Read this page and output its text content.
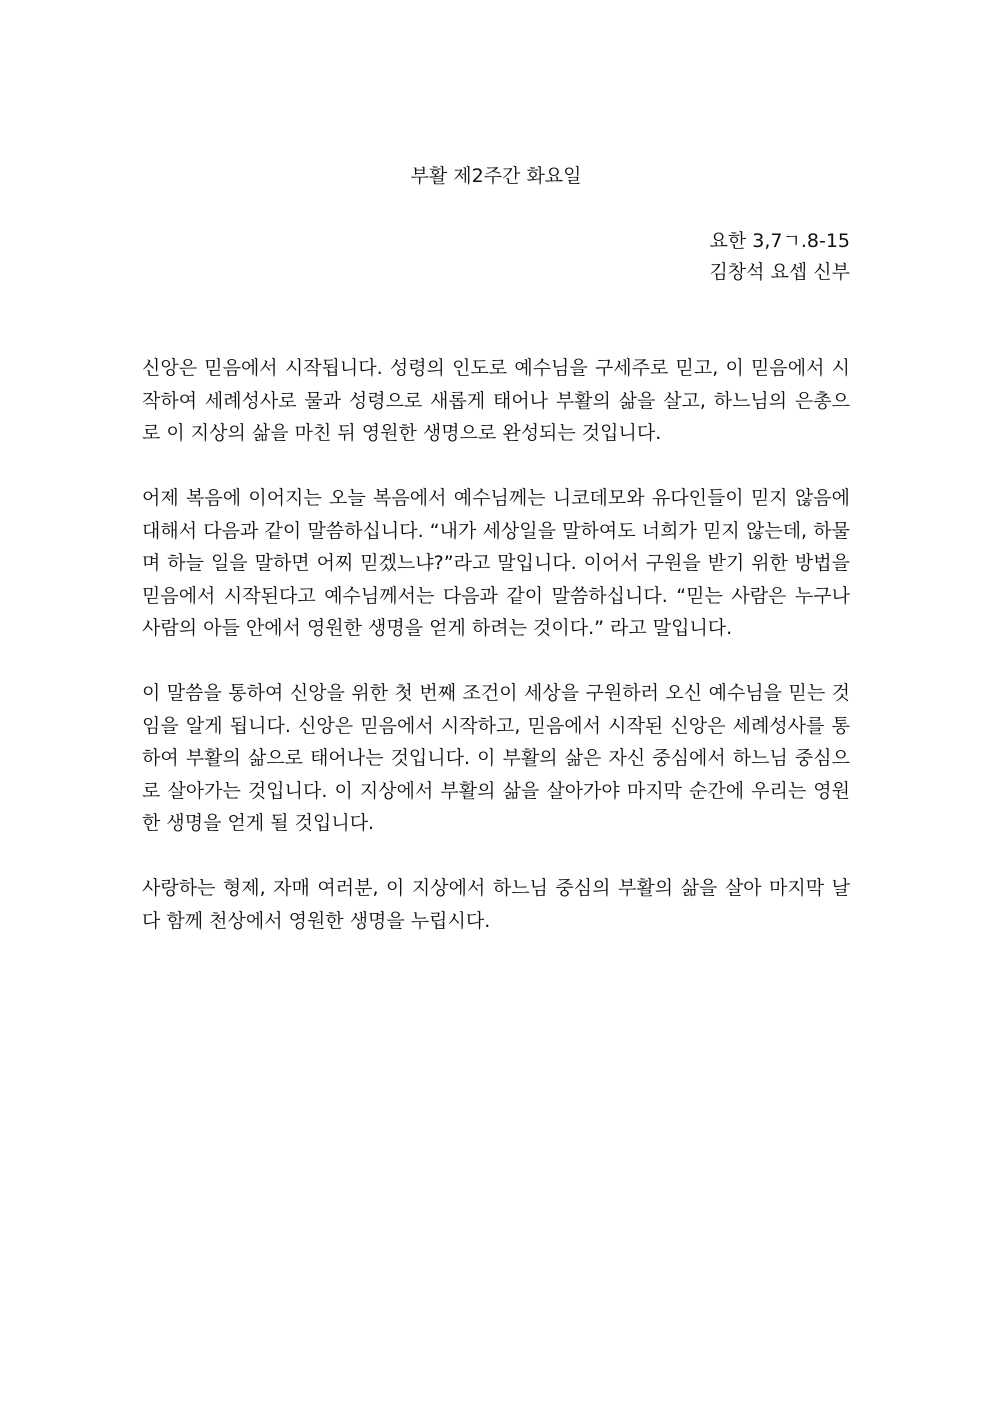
부활 제2주간 화요일
요한 3,7ㄱ.8-15
김창석 요셉 신부

신앙은 믿음에서 시작됩니다. 성령의 인도로 예수님을 구세주로 믿고, 이 믿음에서 시작하여 세례성사로 물과 성령으로 새롭게 태어나 부활의 삶을 살고, 하느님의 은총으로 이 지상의 삶을 마친 뒤 영원한 생명으로 완성되는 것입니다.

어제 복음에 이어지는 오늘 복음에서 예수님께는 니코데모와 유다인들이 믿지 않음에 대해서 다음과 같이 말씀하십니다. “내가 세상일을 말하여도 너희가 믿지 않는데, 하물며 하늘 일을 말하면 어찌 믿겠느냐?”라고 말입니다. 이어서 구원을 받기 위한 방법을 믿음에서 시작된다고 예수님께서는 다음과 같이 말씀하십니다. “믿는 사람은 누구나 사람의 아들 안에서 영원한 생명을 얻게 하려는 것이다.” 라고 말입니다.

이 말씀을 통하여 신앙을 위한 첫 번째 조건이 세상을 구원하러 오신 예수님을 믿는 것임을 알게 됩니다. 신앙은 믿음에서 시작하고, 믿음에서 시작된 신앙은 세례성사를 통하여 부활의 삶으로 태어나는 것입니다. 이 부활의 삶은 자신 중심에서 하느님 중심으로 살아가는 것입니다. 이 지상에서 부활의 삶을 살아가야 마지막 순간에 우리는 영원한 생명을 얻게 될 것입니다.

사랑하는 형제, 자매 여러분, 이 지상에서 하느님 중심의 부활의 삶을 살아 마지막 날 다 함께 천상에서 영원한 생명을 누립시다.
